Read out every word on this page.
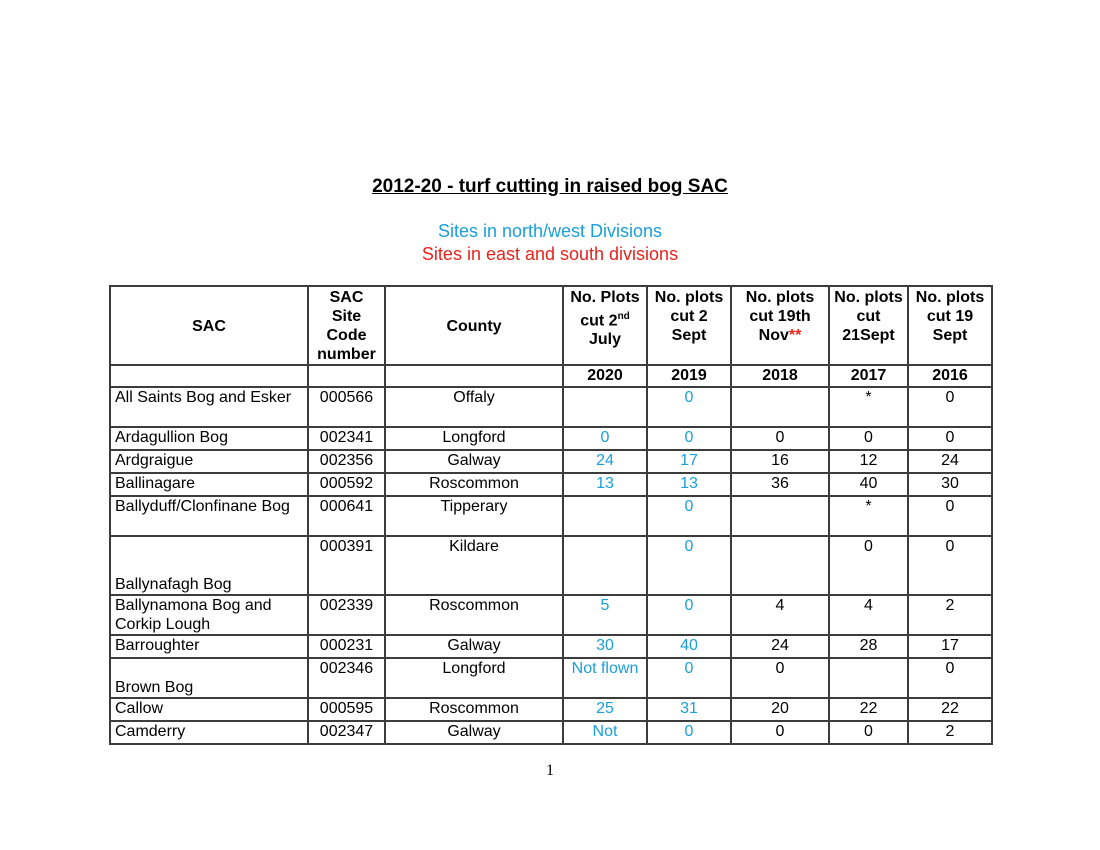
2012-20 - turf cutting in raised bog SAC
Sites in north/west Divisions
Sites in east and south divisions
SAC	SAC Site Code number	County	No. Plots cut 2nd July	No. plots cut 2 Sept	No. plots cut 19th Nov**	No. plots cut 21Sept	No. plots cut 19 Sept
			2020	2019	2018	2017	2016
All Saints Bog and Esker	000566	Offaly		0		*	0
Ardagullion Bog	002341	Longford	0	0	0	0	0
Ardgraigue	002356	Galway	24	17	16	12	24
Ballinagare	000592	Roscommon	13	13	36	40	30
Ballyduff/Clonfinane Bog	000641	Tipperary		0		*	0
Ballynafagh Bog	000391	Kildare		0		0	0
Ballynamona Bog and Corkip Lough	002339	Roscommon	5	0	4	4	2
Barroughter	000231	Galway	30	40	24	28	17
Brown Bog	002346	Longford	Not flown	0	0		0
Callow	000595	Roscommon	25	31	20	22	22
Camderry	002347	Galway	Not	0	0	0	2
1
